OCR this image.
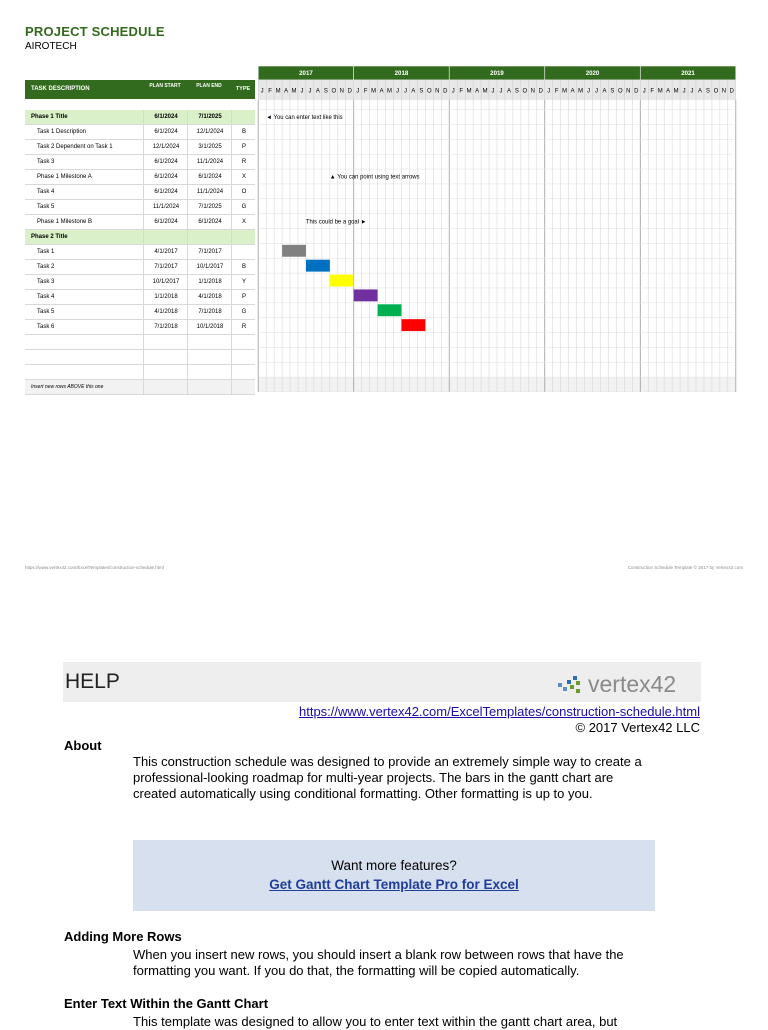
PROJECT SCHEDULE
AIROTECH
TASK DESCRIPTION	PLAN START	PLAN END	TYPE
Phase 1 Title	6/1/2024	7/1/2025
Task 1 Description	6/1/2024	12/1/2024	B
Task 2 Dependent on Task 1	12/1/2024	3/1/2025	P
Task 3	6/1/2024	11/1/2024	R
Phase 1 Milestone A	6/1/2024	6/1/2024	X
Task 4	6/1/2024	11/1/2024	O
Task 5	11/1/2024	7/1/2025	G
Phase 1 Milestone B	6/1/2024	6/1/2024	X
Phase 2 Title
Task 1	4/1/2017	7/1/2017
Task 2	7/1/2017	10/1/2017	B
Task 3	10/1/2017	1/1/2018	Y
Task 4	1/1/2018	4/1/2018	P
Task 5	4/1/2018	7/1/2018	G
Task 6	7/1/2018	10/1/2018	R
Insert new rows ABOVE this one
2017	2018	2019	2020	2021
J F M A M J J A S O N D J F M A M J J A S O N D J F M A M J J A S O N D J F M A M J J A S O N D J F M A M J J A S O N D
◄ You can enter text like this
▲ You can point using text arrows
This could be a goal ►
https://www.vertex42.com/ExcelTemplates/construction-schedule.html	Construction Schedule Template © 2017 by Vertex42.com
HELP	vertex42
https://www.vertex42.com/ExcelTemplates/construction-schedule.html
© 2017 Vertex42 LLC
About
This construction schedule was designed to provide an extremely simple way to create a professional-looking roadmap for multi-year projects. The bars in the gantt chart are created automatically using conditional formatting. Other formatting is up to you.
Want more features?
Get Gantt Chart Template Pro for Excel
Adding More Rows
When you insert new rows, you should insert a blank row between rows that have the formatting you want. If you do that, the formatting will be copied automatically.
Enter Text Within the Gantt Chart
This template was designed to allow you to enter text within the gantt chart area, but
